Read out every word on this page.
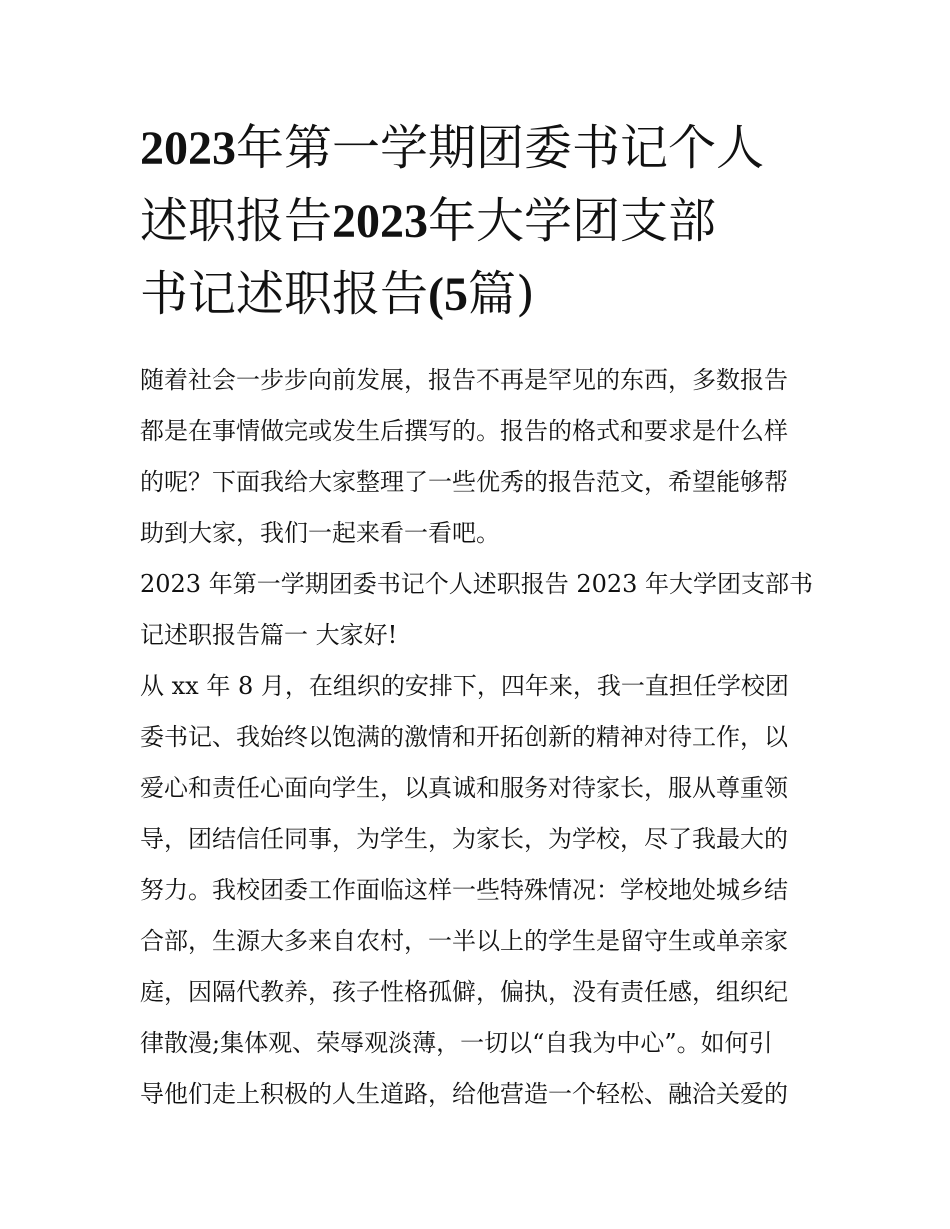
2023年第一学期团委书记个人
述职报告2023年大学团支部
书记述职报告(5篇)
随着社会一步步向前发展，报告不再是罕见的东西，多数报告
都是在事情做完或发生后撰写的。报告的格式和要求是什么样
的呢？下面我给大家整理了一些优秀的报告范文，希望能够帮
助到大家，我们一起来看一看吧。
2023 年第一学期团委书记个人述职报告 2023 年大学团支部书
记述职报告篇一 大家好!
从 xx 年 8 月，在组织的安排下，四年来，我一直担任学校团
委书记、我始终以饱满的激情和开拓创新的精神对待工作，以
爱心和责任心面向学生，以真诚和服务对待家长，服从尊重领
导，团结信任同事，为学生，为家长，为学校，尽了我最大的
努力。我校团委工作面临这样一些特殊情况：学校地处城乡结
合部，生源大多来自农村，一半以上的学生是留守生或单亲家
庭，因隔代教养，孩子性格孤僻，偏执，没有责任感，组织纪
律散漫;集体观、荣辱观淡薄，一切以“自我为中心”。如何引
导他们走上积极的人生道路，给他营造一个轻松、融洽关爱的
